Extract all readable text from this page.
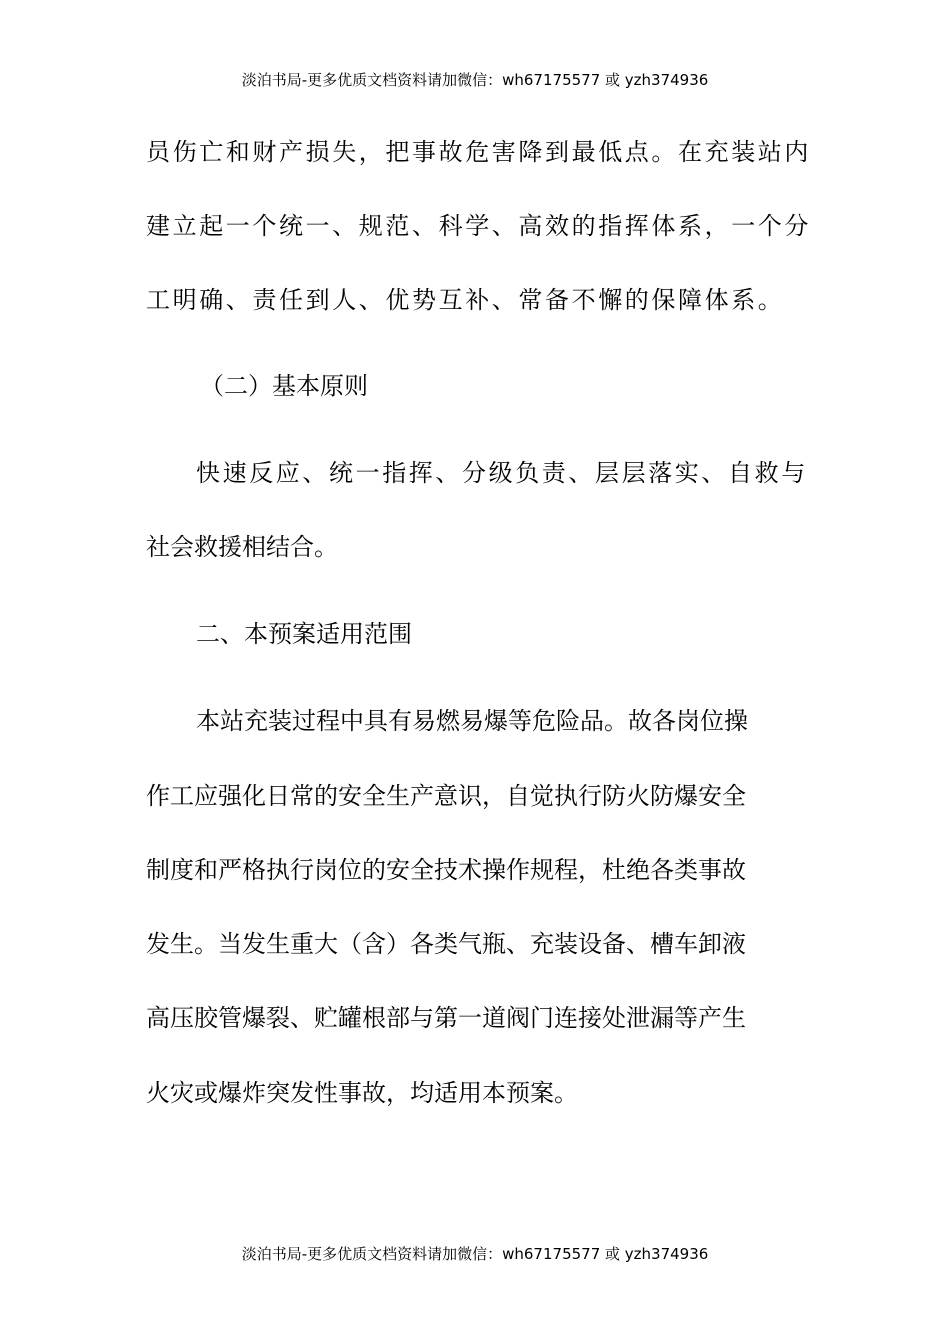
淡泊书局-更多优质文档资料请加微信：wh67175577 或 yzh374936
员伤亡和财产损失，把事故危害降到最低点。在充装站内
建立起一个统一、规范、科学、高效的指挥体系，一个分
工明确、责任到人、优势互补、常备不懈的保障体系。
（二）基本原则
快速反应、统一指挥、分级负责、层层落实、自救与
社会救援相结合。
二、本预案适用范围
本站充装过程中具有易燃易爆等危险品。故各岗位操
作工应强化日常的安全生产意识，自觉执行防火防爆安全
制度和严格执行岗位的安全技术操作规程，杜绝各类事故
发生。当发生重大（含）各类气瓶、充装设备、槽车卸液
高压胶管爆裂、贮罐根部与第一道阀门连接处泄漏等产生
火灾或爆炸突发性事故，均适用本预案。
淡泊书局-更多优质文档资料请加微信：wh67175577 或 yzh374936
